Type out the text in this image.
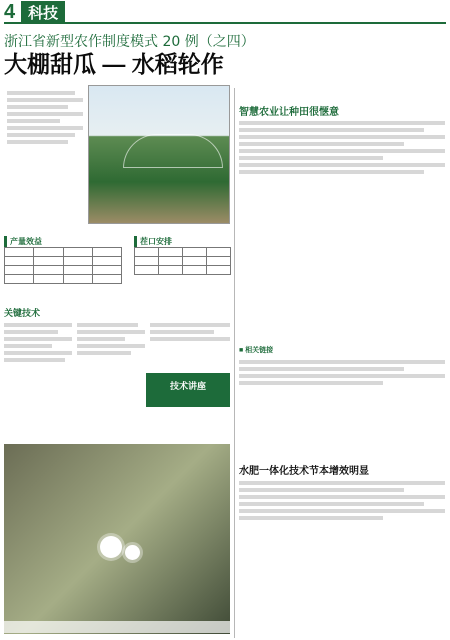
4 科技
浙江省新型农作制度模式 20 例（之四）
大棚甜瓜 — 水稻轮作
产量效益	茬口安排

关键技术
技术讲座
智慧农业让种田很惬意
■ 相关链接
水肥一体化技术节本增效明显
